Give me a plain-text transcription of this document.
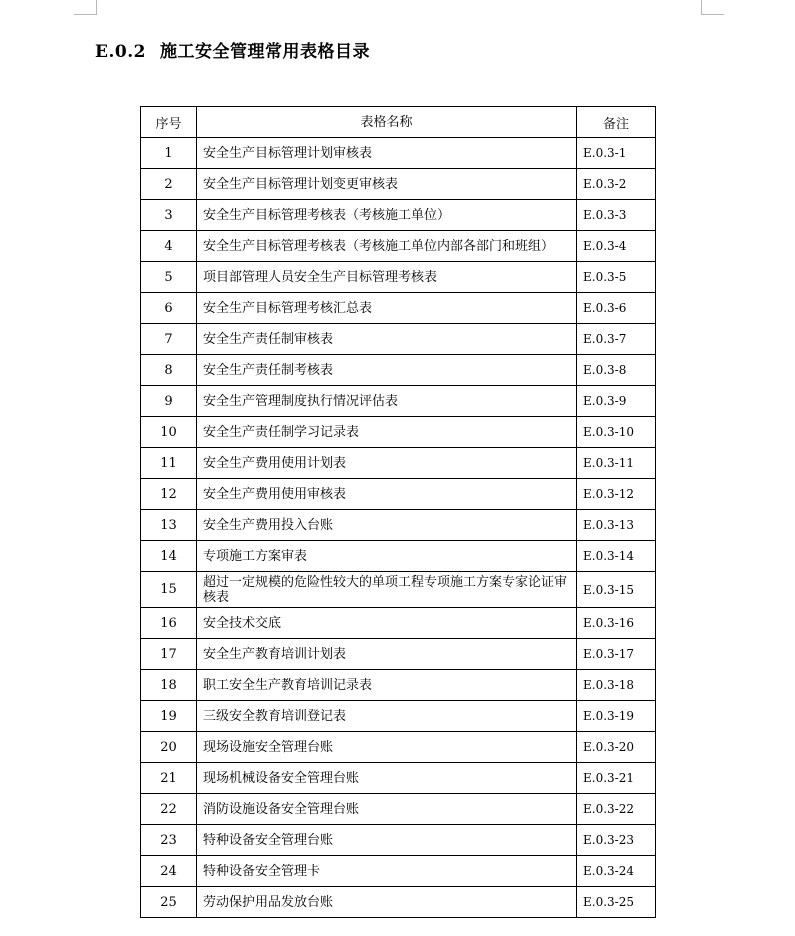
E.0.2 施工安全管理常用表格目录
序号	表格名称	备注
1	安全生产目标管理计划审核表	E.0.3-1
2	安全生产目标管理计划变更审核表	E.0.3-2
3	安全生产目标管理考核表（考核施工单位）	E.0.3-3
4	安全生产目标管理考核表（考核施工单位内部各部门和班组）	E.0.3-4
5	项目部管理人员安全生产目标管理考核表	E.0.3-5
6	安全生产目标管理考核汇总表	E.0.3-6
7	安全生产责任制审核表	E.0.3-7
8	安全生产责任制考核表	E.0.3-8
9	安全生产管理制度执行情况评估表	E.0.3-9
10	安全生产责任制学习记录表	E.0.3-10
11	安全生产费用使用计划表	E.0.3-11
12	安全生产费用使用审核表	E.0.3-12
13	安全生产费用投入台账	E.0.3-13
14	专项施工方案审表	E.0.3-14
15	超过一定规模的危险性较大的单项工程专项施工方案专家论证审核表	E.0.3-15
16	安全技术交底	E.0.3-16
17	安全生产教育培训计划表	E.0.3-17
18	职工安全生产教育培训记录表	E.0.3-18
19	三级安全教育培训登记表	E.0.3-19
20	现场设施安全管理台账	E.0.3-20
21	现场机械设备安全管理台账	E.0.3-21
22	消防设施设备安全管理台账	E.0.3-22
23	特种设备安全管理台账	E.0.3-23
24	特种设备安全管理卡	E.0.3-24
25	劳动保护用品发放台账	E.0.3-25
